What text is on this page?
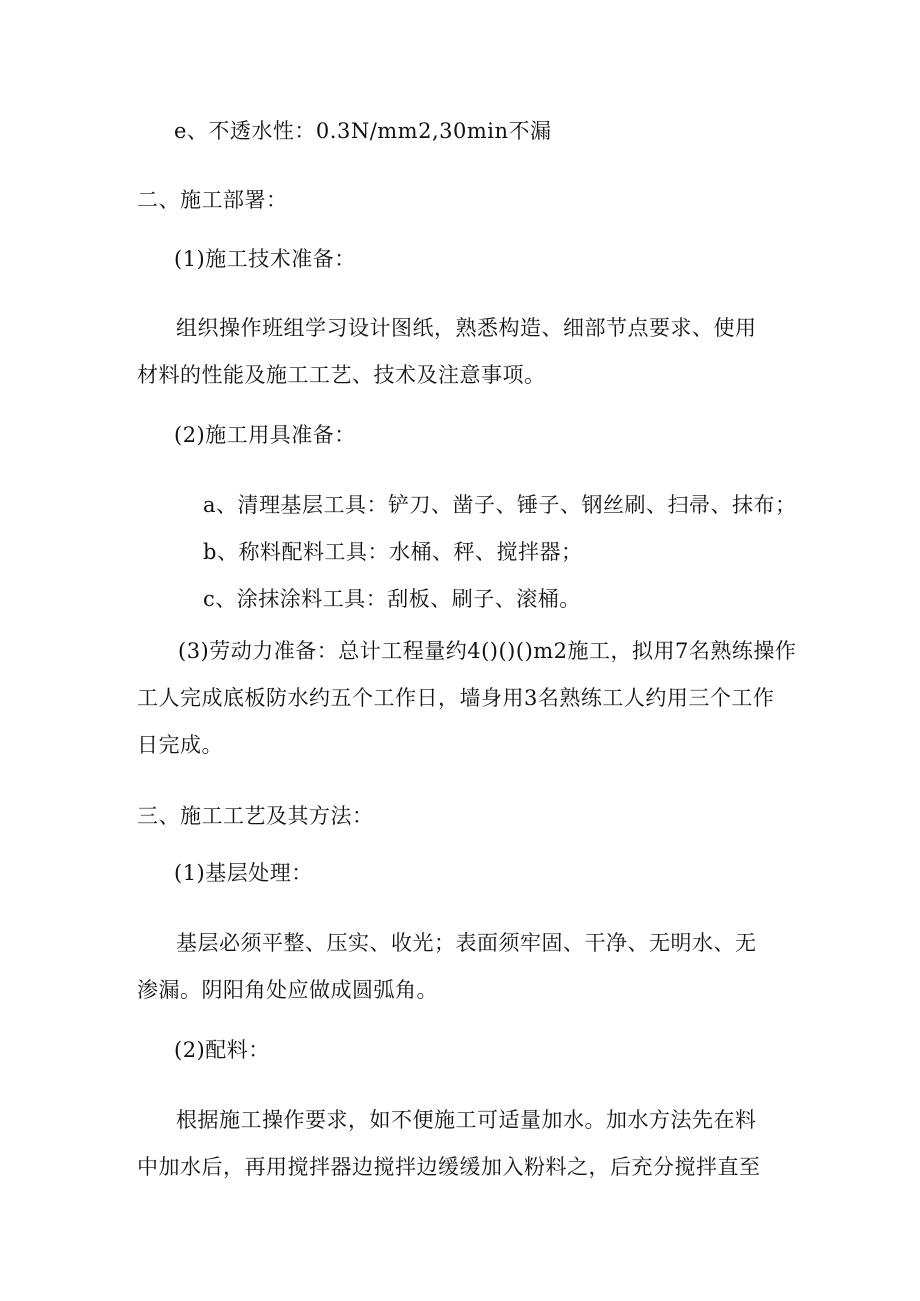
e、不透水性：0.3N/mm2,30min不漏
二、施工部署：
(1)施工技术准备：
组织操作班组学习设计图纸，熟悉构造、细部节点要求、使用
材料的性能及施工工艺、技术及注意事项。
(2)施工用具准备：
a、清理基层工具：铲刀、凿子、锤子、钢丝刷、扫帚、抹布；
b、称料配料工具：水桶、秤、搅拌器；
c、涂抹涂料工具：刮板、刷子、滚桶。
(3)劳动力准备：总计工程量约4()()()m2施工，拟用7名熟练操作
工人完成底板防水约五个工作日，墙身用3名熟练工人约用三个工作
日完成。
三、施工工艺及其方法：
(1)基层处理：
基层必须平整、压实、收光；表面须牢固、干净、无明水、无
渗漏。阴阳角处应做成圆弧角。
(2)配料：
根据施工操作要求，如不便施工可适量加水。加水方法先在料
中加水后，再用搅拌器边搅拌边缓缓加入粉料之，后充分搅拌直至
